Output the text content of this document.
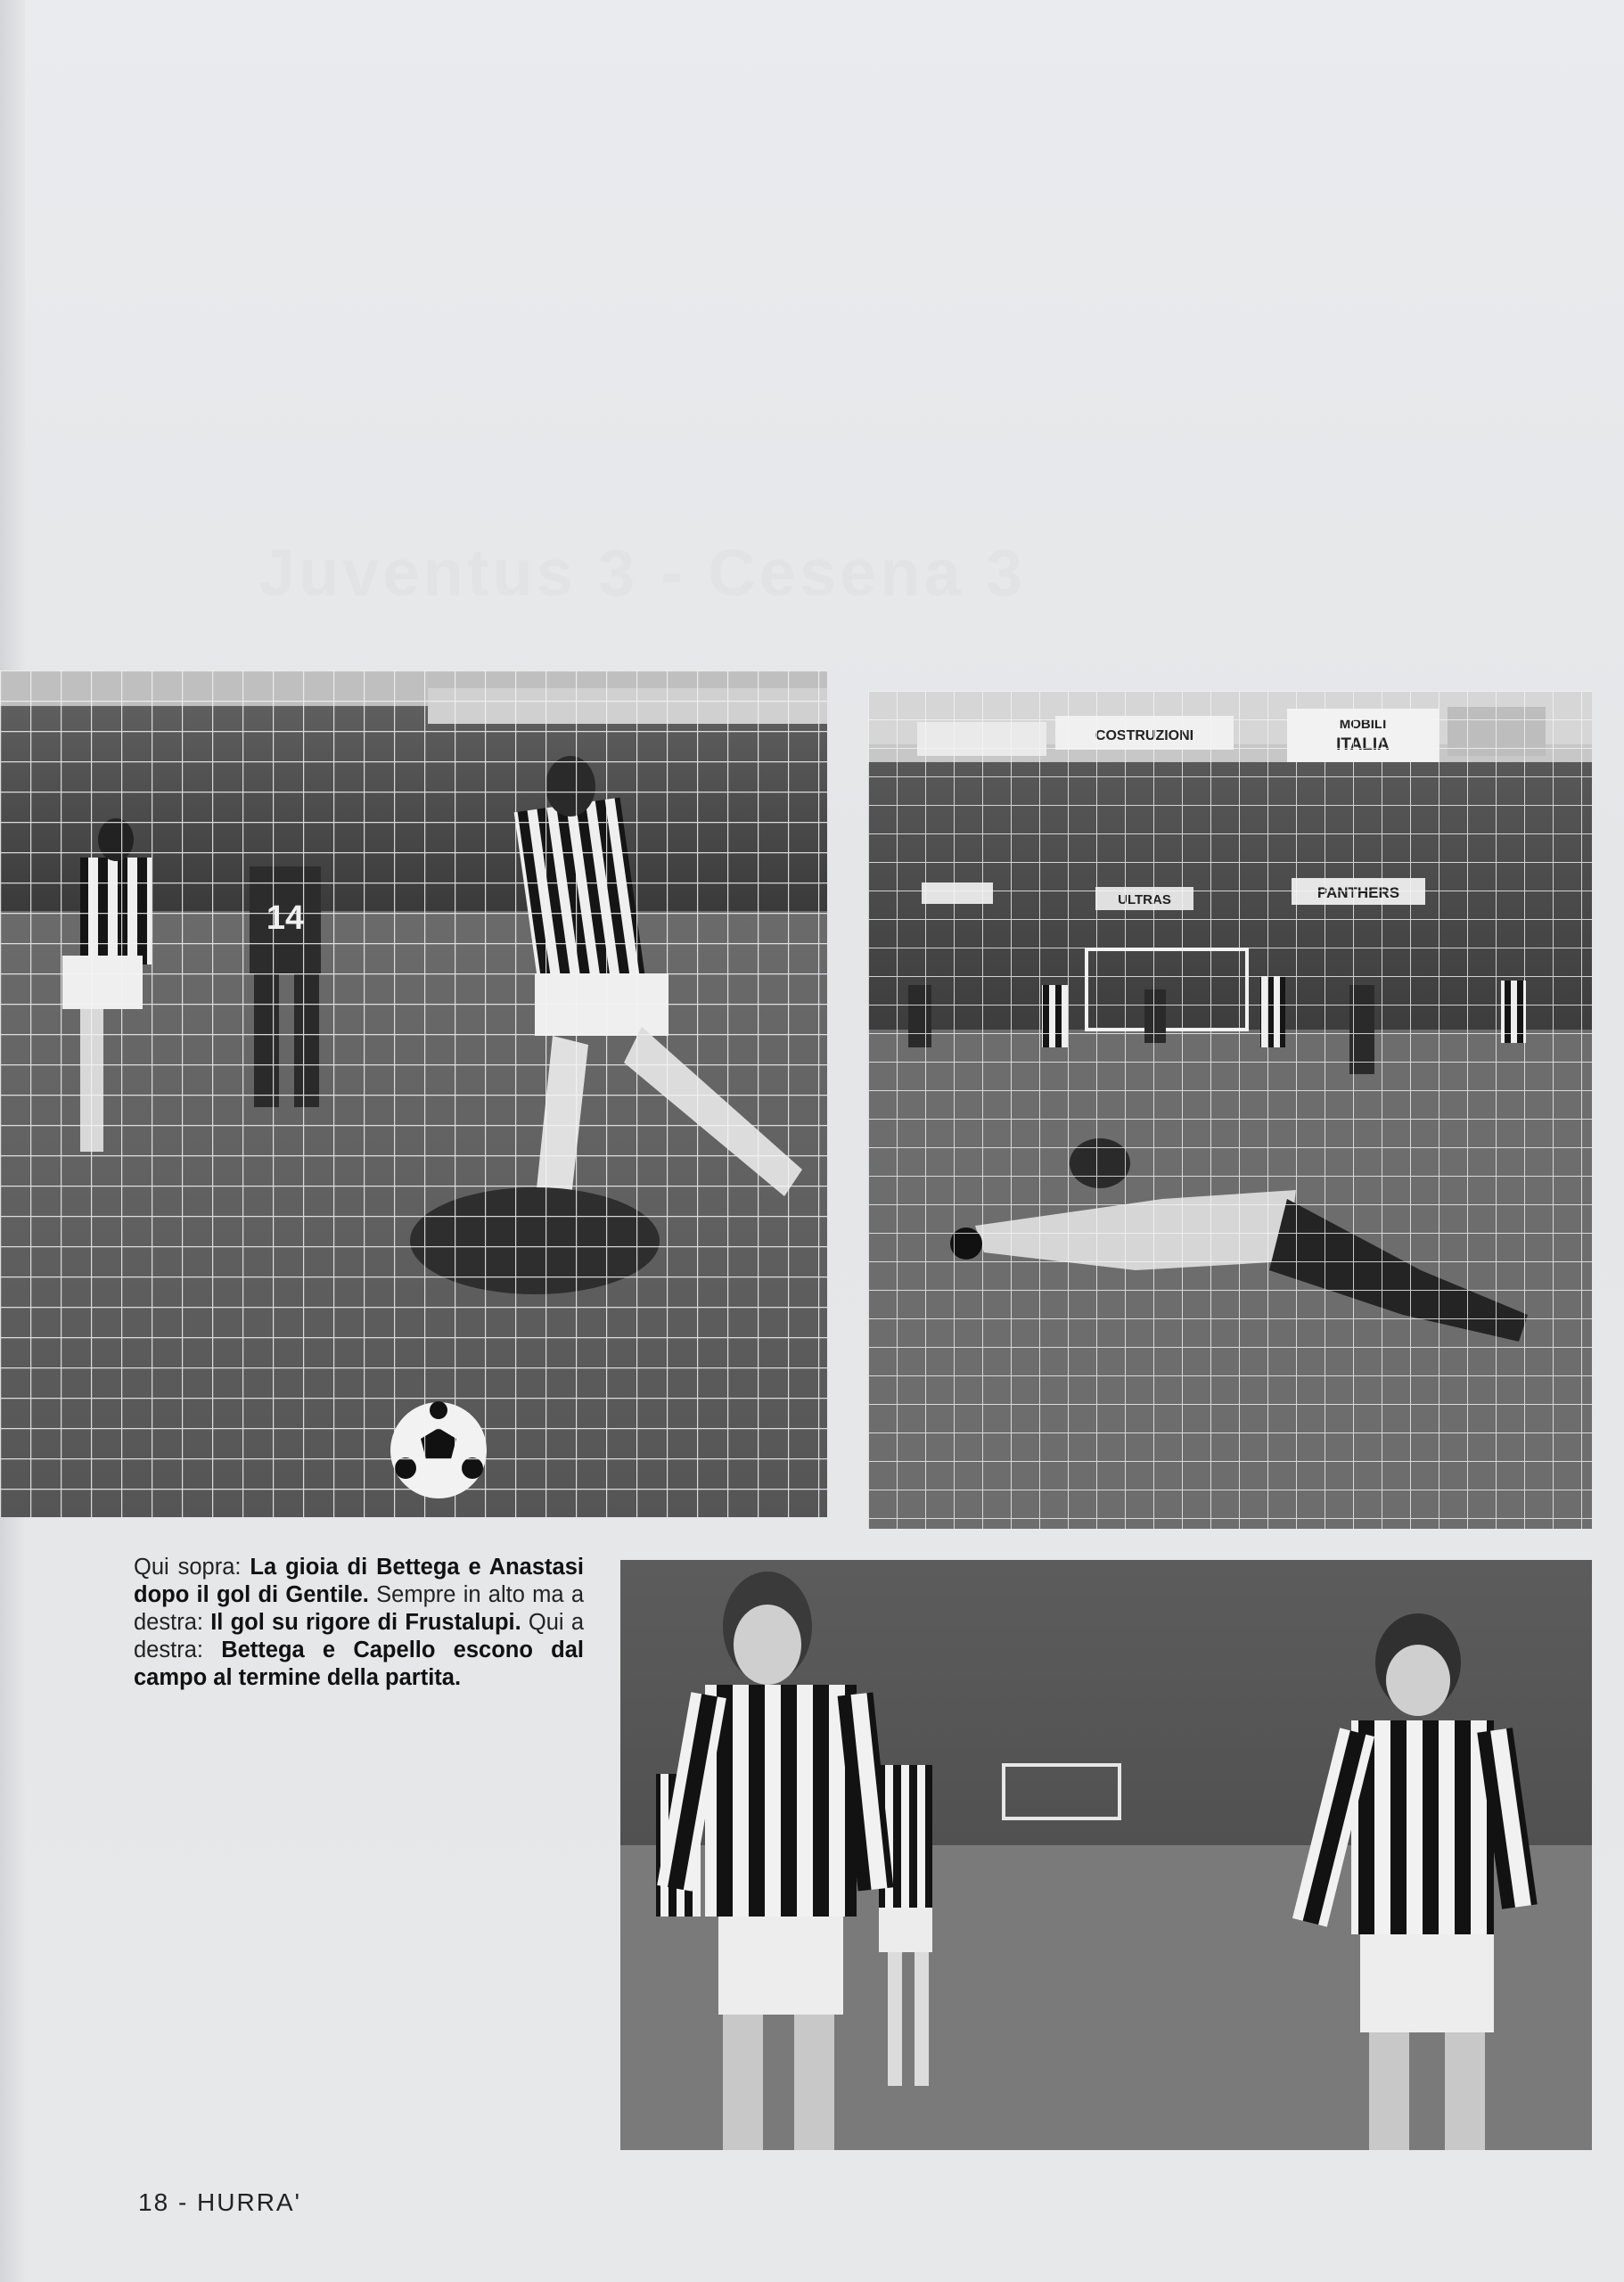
Juventus 3 - Cesena 3
Qui sopra: La gioia di Bettega e Anastasi dopo il gol di Gentile. Sempre in alto ma a destra: Il gol su rigore di Frustalupi. Qui a destra: Bettega e Capello escono dal campo al termine della partita.
18 - HURRA'
